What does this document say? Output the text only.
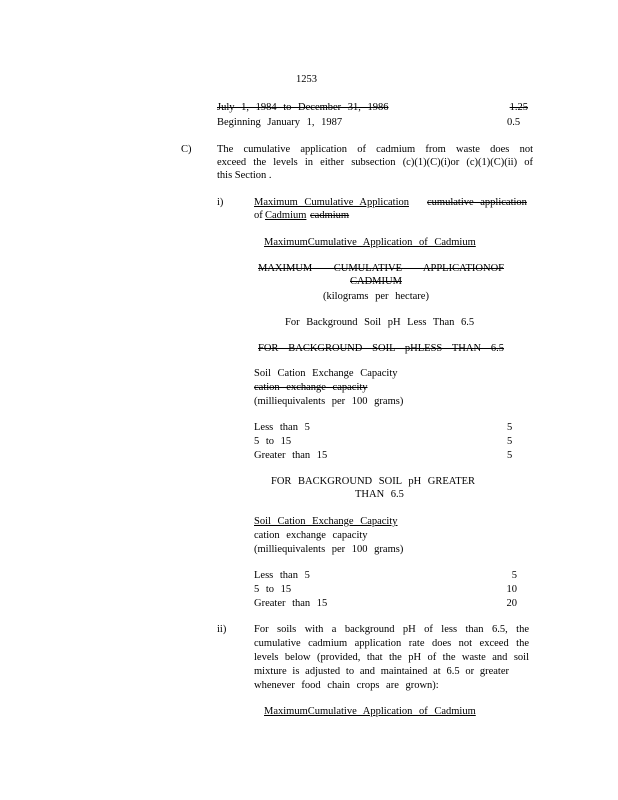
1253
July 1, 1984 to December 31, 1986	1.25
Beginning January 1, 1987	0.5
C) The cumulative application of cadmium from waste does not
exceed the levels in either subsection (c)(1)(C)(i)or (c)(1)(C)(ii) of
this Section .
i)	Maximum Cumulative Application cumulative application
of Cadmium cadmium
MaximumCumulative Application of Cadmium
MAXIMUM CUMULATIVE APPLICATIONOF
CADMIUM
(kilograms per hectare)
For Background Soil pH Less Than 6.5
FOR BACKGROUND SOIL pHLESS THAN 6.5
Soil Cation Exchange Capacity
cation exchange capacity
(milliequivalents per 100 grams)
Less than 5	5
5 to 15	5
Greater than 15	5
FOR BACKGROUND SOIL pH GREATER
THAN 6.5
Soil Cation Exchange Capacity
cation exchange capacity
(milliequivalents per 100 grams)
Less than 5	5
5 to 15	10
Greater than 15	20
ii)	For soils with a background pH of less than 6.5, the
cumulative cadmium application rate does not exceed the
levels below (provided, that the pH of the waste and soil
mixture is adjusted to and maintained at 6.5 or greater
whenever food chain crops are grown):
MaximumCumulative Application of Cadmium
